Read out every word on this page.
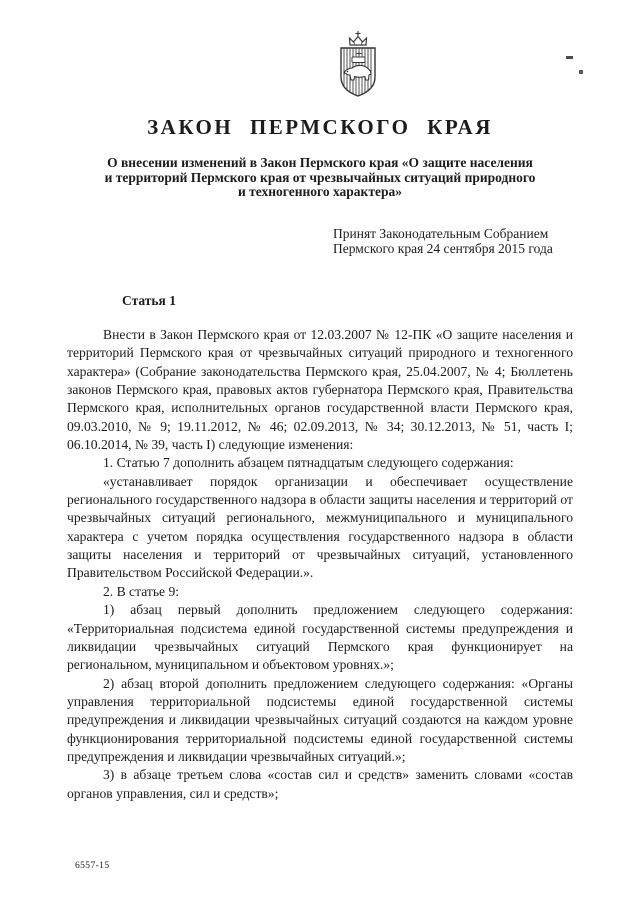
ЗАКОН ПЕРМСКОГО КРАЯ
О внесении изменений в Закон Пермского края «О защите населения
и территорий Пермского края от чрезвычайных ситуаций природного
и техногенного характера»
Принят Законодательным Собранием
Пермского края 24 сентября 2015 года
Статья 1

Внести в Закон Пермского края от 12.03.2007 № 12-ПК «О защите населения и территорий Пермского края от чрезвычайных ситуаций природного и техногенного характера» (Собрание законодательства Пермского края, 25.04.2007, № 4; Бюллетень законов Пермского края, правовых актов губернатора Пермского края, Правительства Пермского края, исполнительных органов государственной власти Пермского края, 09.03.2010, № 9; 19.11.2012, № 46; 02.09.2013, № 34; 30.12.2013, № 51, часть I; 06.10.2014, № 39, часть I) следующие изменения:

1. Статью 7 дополнить абзацем пятнадцатым следующего содержания:

«устанавливает порядок организации и обеспечивает осуществление регионального государственного надзора в области защиты населения и территорий от чрезвычайных ситуаций регионального, межмуниципального и муниципального характера с учетом порядка осуществления государственного надзора в области защиты населения и территорий от чрезвычайных ситуаций, установленного Правительством Российской Федерации.».

2. В статье 9:

1) абзац первый дополнить предложением следующего содержания: «Территориальная подсистема единой государственной системы предупреждения и ликвидации чрезвычайных ситуаций Пермского края функционирует на региональном, муниципальном и объектовом уровнях.»;

2) абзац второй дополнить предложением следующего содержания: «Органы управления территориальной подсистемы единой государственной системы предупреждения и ликвидации чрезвычайных ситуаций создаются на каждом уровне функционирования территориальной подсистемы единой государственной системы предупреждения и ликвидации чрезвычайных ситуаций.»;

3) в абзаце третьем слова «состав сил и средств» заменить словами «состав органов управления, сил и средств»;

6557-15
